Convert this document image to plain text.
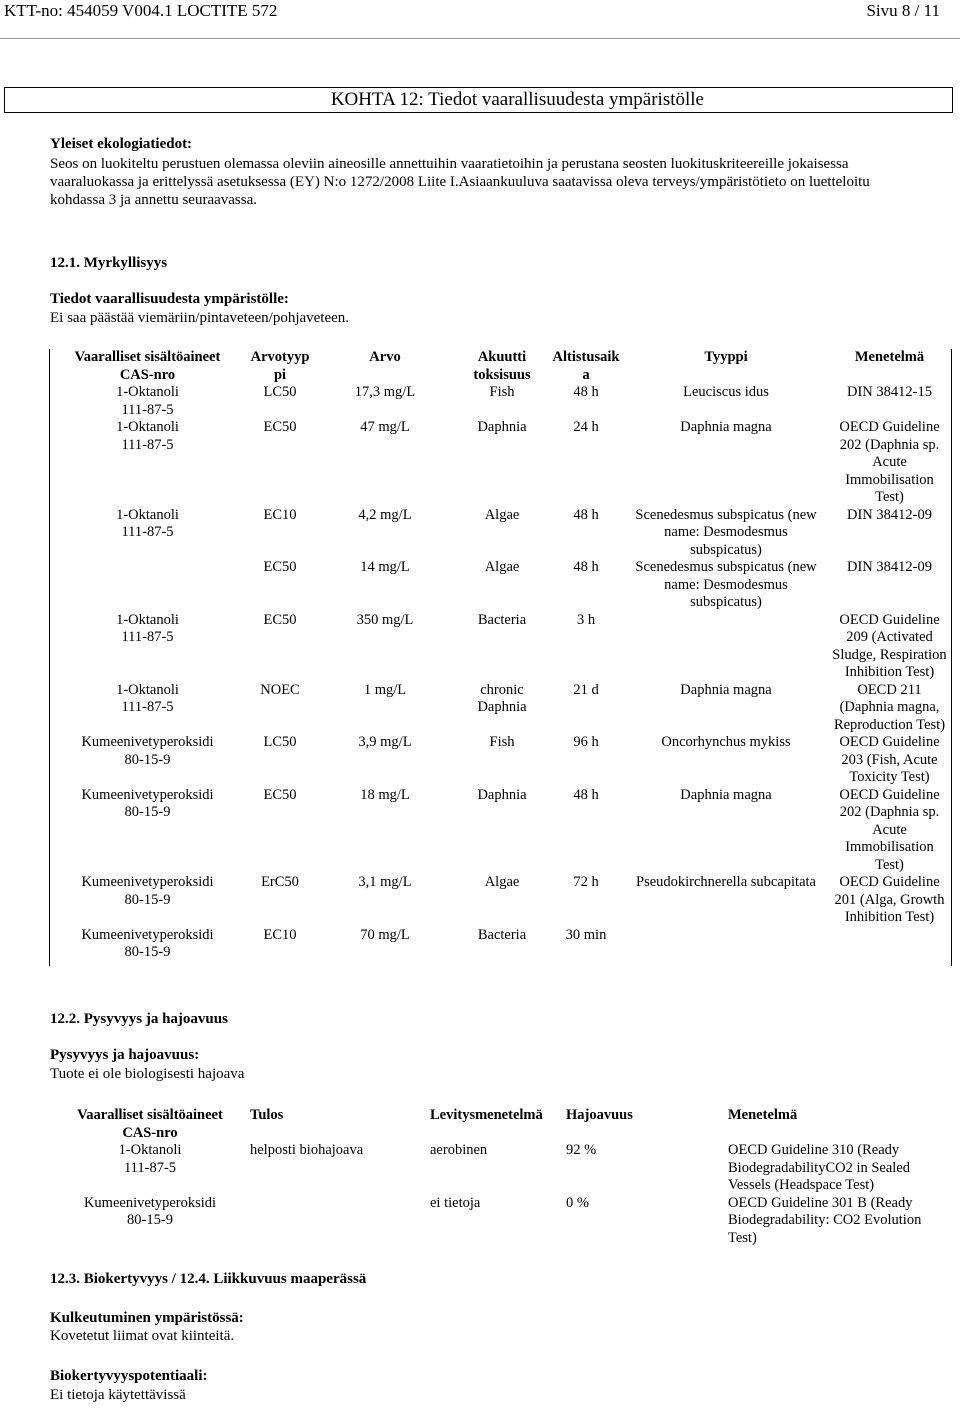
KTT-no: 454059 V004.1 LOCTITE 572	Sivu 8 / 11
KOHTA 12: Tiedot vaarallisuudesta ympäristölle
Yleiset ekologiatiedot:

Seos on luokiteltu perustuen olemassa oleviin aineosille annettuihin vaaratietoihin ja perustana seosten luokituskriteereille jokaisessa vaaraluokassa ja erittelyssä asetuksessa (EY) N:o 1272/2008 Liite I.Asiaankuuluva saatavissa oleva terveys/ympäristötieto on luetteloitu kohdassa 3 ja annettu seuraavassa.

12.1. Myrkyllisyys
Tiedot vaarallisuudesta ympäristölle:
Ei saa päästää viemäriin/pintaveteen/pohjaveteen.
Vaaralliset sisältöaineet
CAS-nro	Arvotyyp
pi	Arvo	Akuutti
toksisuus	Altistusaik
a	Tyyppi	Menetelmä
1-Oktanoli
111-87-5	LC50	17,3 mg/L	Fish	48 h	Leuciscus idus	DIN 38412-15
1-Oktanoli
111-87-5	EC50	47 mg/L	Daphnia	24 h	Daphnia magna	OECD Guideline
202 (Daphnia sp.
Acute
Immobilisation
Test)
1-Oktanoli
111-87-5	EC10	4,2 mg/L	Algae	48 h	Scenedesmus subspicatus (new
name: Desmodesmus
subspicatus)	DIN 38412-09
	EC50	14 mg/L	Algae	48 h	Scenedesmus subspicatus (new
name: Desmodesmus
subspicatus)	DIN 38412-09
1-Oktanoli
111-87-5	EC50	350 mg/L	Bacteria	3 h		OECD Guideline
209 (Activated
Sludge, Respiration
Inhibition Test)
1-Oktanoli
111-87-5	NOEC	1 mg/L	chronic
Daphnia	21 d	Daphnia magna	OECD 211
(Daphnia magna,
Reproduction Test)
Kumeenivetyperoksidi
80-15-9	LC50	3,9 mg/L	Fish	96 h	Oncorhynchus mykiss	OECD Guideline
203 (Fish, Acute
Toxicity Test)
Kumeenivetyperoksidi
80-15-9	EC50	18 mg/L	Daphnia	48 h	Daphnia magna	OECD Guideline
202 (Daphnia sp.
Acute
Immobilisation
Test)
Kumeenivetyperoksidi
80-15-9	ErC50	3,1 mg/L	Algae	72 h	Pseudokirchnerella subcapitata	OECD Guideline
201 (Alga, Growth
Inhibition Test)
Kumeenivetyperoksidi
80-15-9	EC10	70 mg/L	Bacteria	30 min		
12.2. Pysyvyys ja hajoavuus
Pysyvyys ja hajoavuus:
Tuote ei ole biologisesti hajoava
Vaaralliset sisältöaineet
CAS-nro	Tulos	Levitysmenetelmä	Hajoavuus	Menetelmä
1-Oktanoli
111-87-5	helposti biohajoava	aerobinen	92 %	OECD Guideline 310 (Ready
BiodegradabilityCO2 in Sealed
Vessels (Headspace Test)
Kumeenivetyperoksidi
80-15-9		ei tietoja	0 %	OECD Guideline 301 B (Ready
Biodegradability: CO2 Evolution
Test)
12.3. Biokertyvyys / 12.4. Liikkuvuus maaperässä
Kulkeutuminen ympäristössä:
Kovetetut liimat ovat kiinteitä.
Biokertyvyyspotentiaali:
Ei tietoja käytettävissä
